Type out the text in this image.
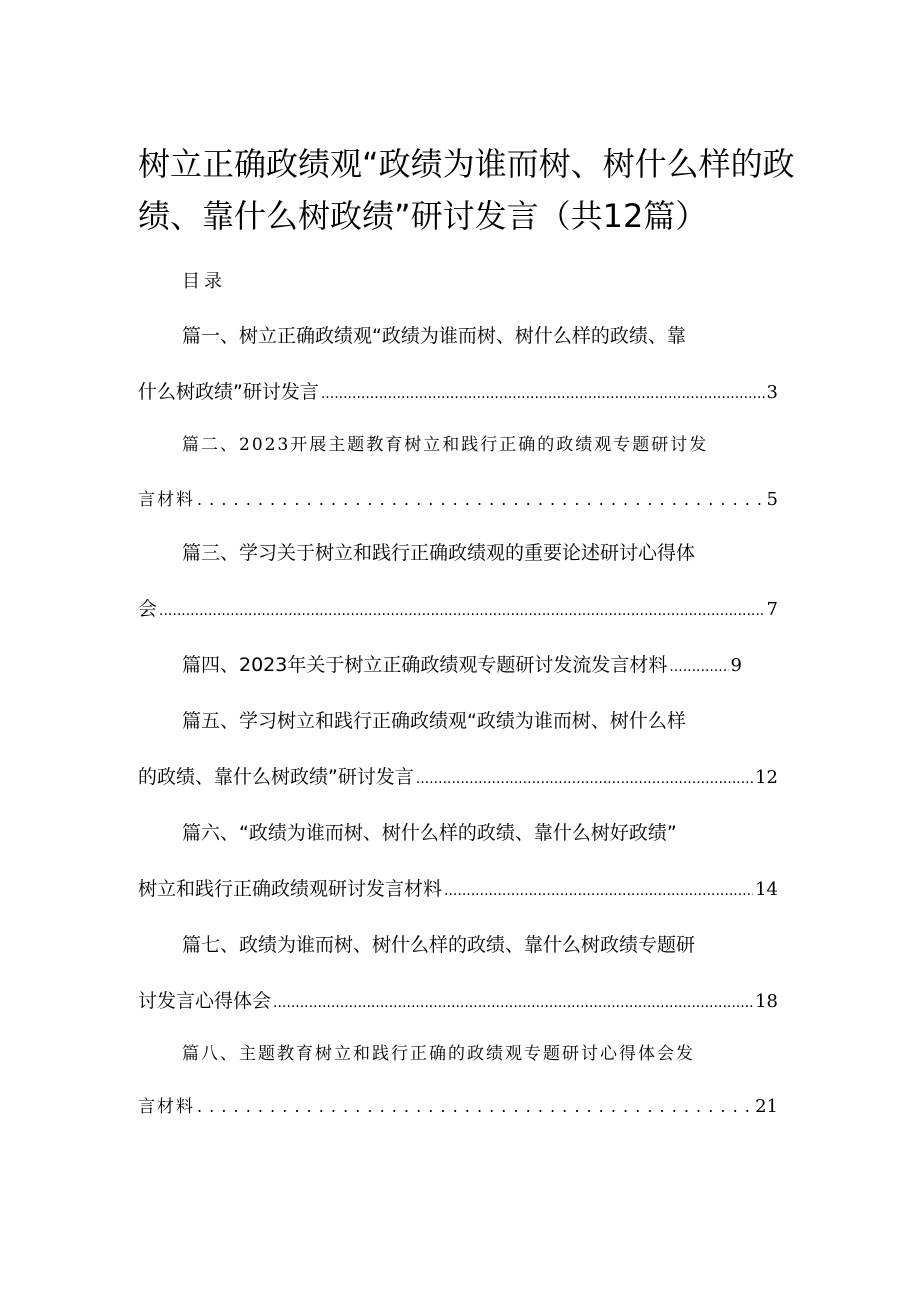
树立正确政绩观“政绩为谁而树、树什么样的政绩、靠什么树政绩”研讨发言（共12篇）
目录
篇一、树立正确政绩观“政绩为谁而树、树什么样的政绩、靠
什么树政绩”研讨发言 .....	3
篇二、2023开展主题教育树立和践行正确的政绩观专题研讨发
言材料 . . .	5
篇三、学习关于树立和践行正确政绩观的重要论述研讨心得体
会 .....	7
篇四、2023年关于树立正确政绩观专题研讨发流发言材料 .....	9
篇五、学习树立和践行正确政绩观“政绩为谁而树、树什么样
的政绩、靠什么树政绩”研讨发言 .....	12
篇六、“政绩为谁而树、树什么样的政绩、靠什么树好政绩”
树立和践行正确政绩观研讨发言材料 .....	14
篇七、政绩为谁而树、树什么样的政绩、靠什么树政绩专题研
讨发言心得体会 .....	18
篇八、主题教育树立和践行正确的政绩观专题研讨心得体会发
言材料 . . .	21
